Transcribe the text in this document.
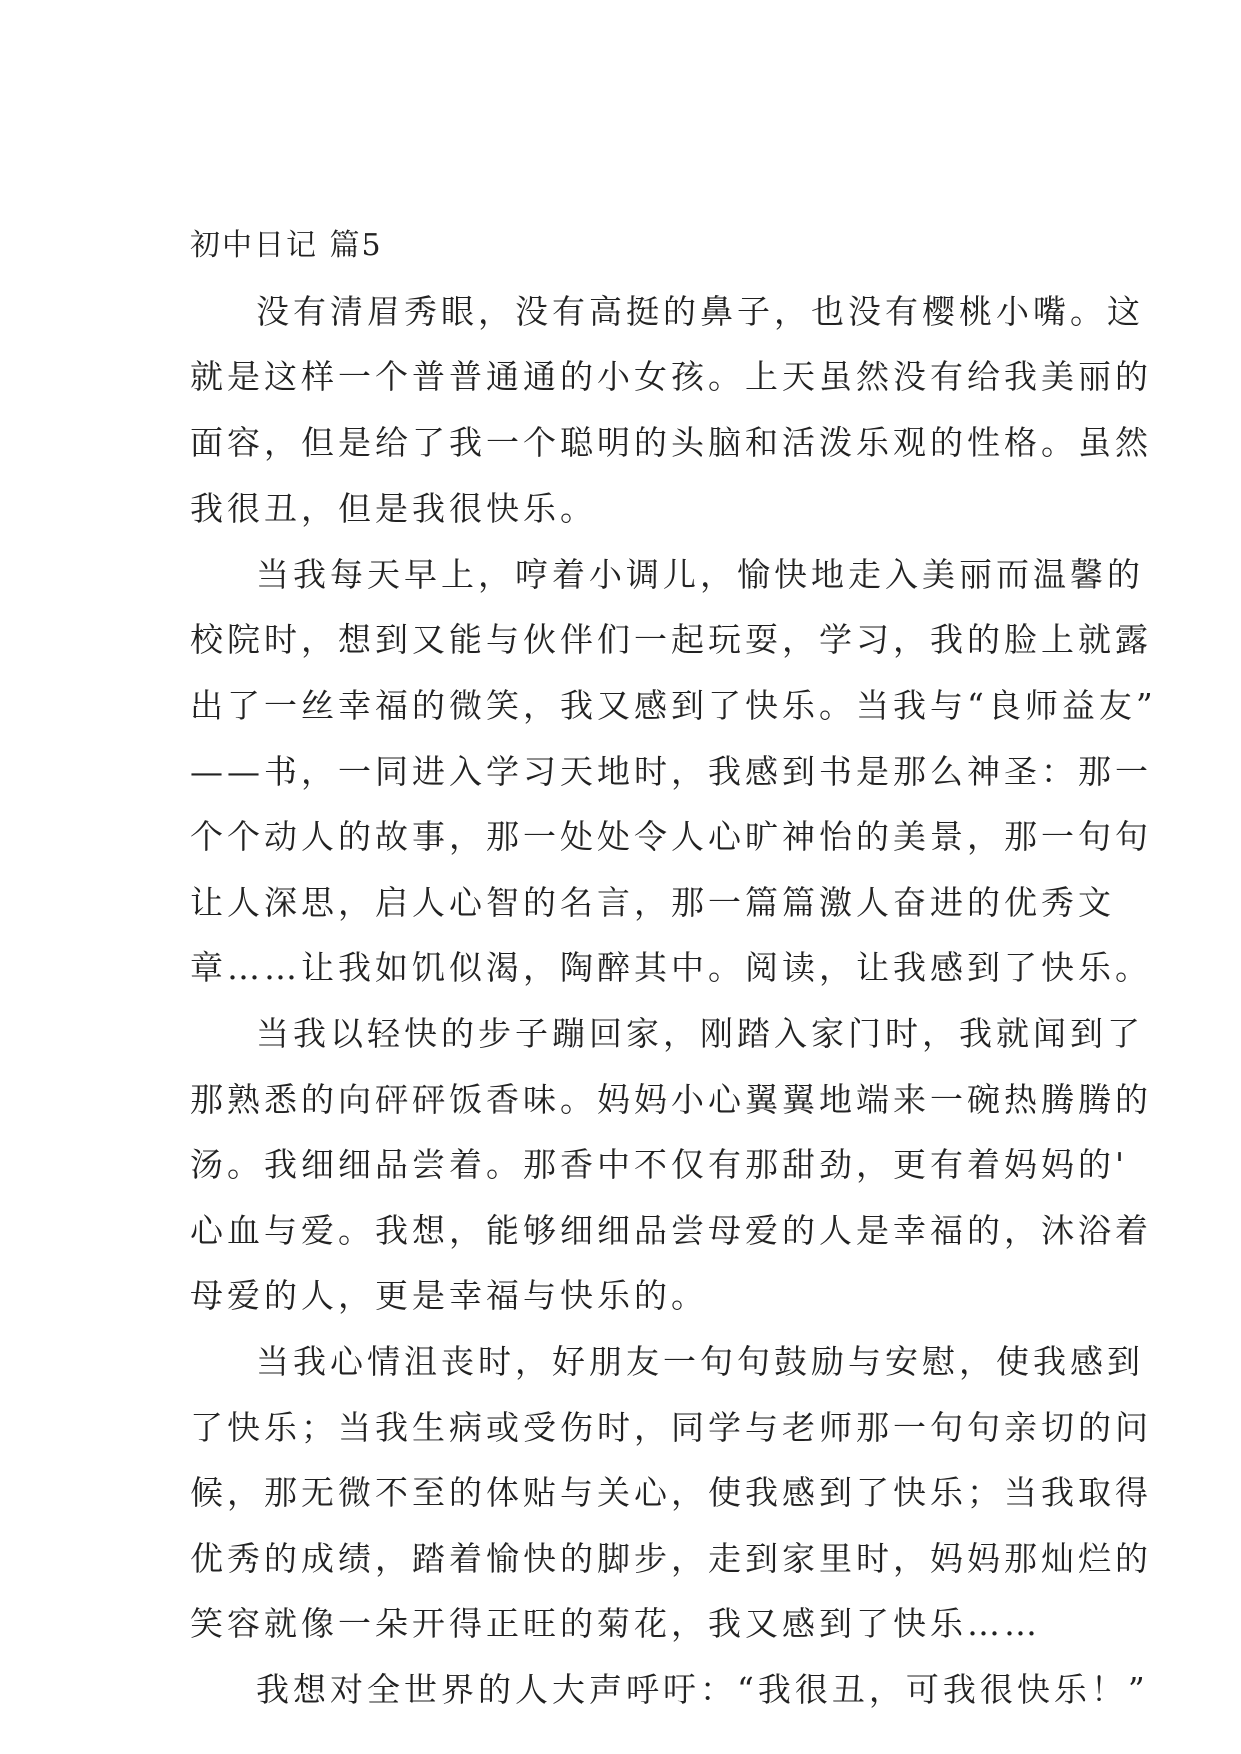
初中日记 篇5
没有清眉秀眼，没有高挺的鼻子，也没有樱桃小嘴。这
就是这样一个普普通通的小女孩。上天虽然没有给我美丽的
面容，但是给了我一个聪明的头脑和活泼乐观的性格。虽然
我很丑，但是我很快乐。
当我每天早上，哼着小调儿，愉快地走入美丽而温馨的
校院时，想到又能与伙伴们一起玩耍，学习，我的脸上就露
出了一丝幸福的微笑，我又感到了快乐。当我与“良师益友”
——书，一同进入学习天地时，我感到书是那么神圣：那一
个个动人的故事，那一处处令人心旷神怡的美景，那一句句
让人深思，启人心智的名言，那一篇篇激人奋进的优秀文
章……让我如饥似渴，陶醉其中。阅读，让我感到了快乐。
当我以轻快的步子蹦回家，刚踏入家门时，我就闻到了
那熟悉的向砰砰饭香味。妈妈小心翼翼地端来一碗热腾腾的
汤。我细细品尝着。那香中不仅有那甜劲，更有着妈妈的'
心血与爱。我想，能够细细品尝母爱的人是幸福的，沐浴着
母爱的人，更是幸福与快乐的。
当我心情沮丧时，好朋友一句句鼓励与安慰，使我感到
了快乐；当我生病或受伤时，同学与老师那一句句亲切的问
候，那无微不至的体贴与关心，使我感到了快乐；当我取得
优秀的成绩，踏着愉快的脚步，走到家里时，妈妈那灿烂的
笑容就像一朵开得正旺的菊花，我又感到了快乐……
我想对全世界的人大声呼吁：“我很丑，可我很快乐！”
